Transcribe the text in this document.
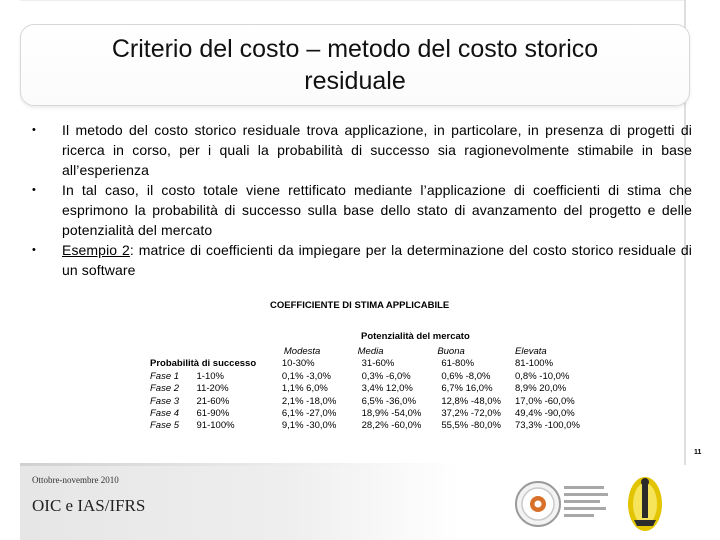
Criterio del costo – metodo del costo storico residuale
•	Il metodo del costo storico residuale trova applicazione, in particolare, in presenza di progetti di ricerca in corso, per i quali la probabilità di successo sia ragionevolmente stimabile in base all’esperienza
•	In tal caso, il costo totale viene rettificato mediante l’applicazione di coefficienti di stima che esprimono la probabilità di successo sulla base dello stato di avanzamento del progetto e delle potenzialità del mercato
•	Esempio 2: matrice di coefficienti da impiegare per la determinazione del costo storico residuale di un software
COEFFICIENTE DI STIMA APPLICABILE
Potenzialità del mercato
		Modesta	Media	Buona	Elevata
Probabilità di successo		10-30%	31-60%	61-80%	81-100%
Fase 1	1-10%	0,1% -3,0%	0,3% -6,0%	0,6% -8,0%	0,8% -10,0%
Fase 2	11-20%	1,1% 6,0%	3,4% 12,0%	6,7% 16,0%	8,9% 20,0%
Fase 3	21-60%	2,1% -18,0%	6,5% -36,0%	12,8% -48,0%	17,0% -60,0%
Fase 4	61-90%	6,1% -27,0%	18,9% -54,0%	37,2% -72,0%	49,4% -90,0%
Fase 5	91-100%	9,1% -30,0%	28,2% -60,0%	55,5% -80,0%	73,3% -100,0%
11
Ottobre-novembre 2010
OIC e IAS/IFRS
